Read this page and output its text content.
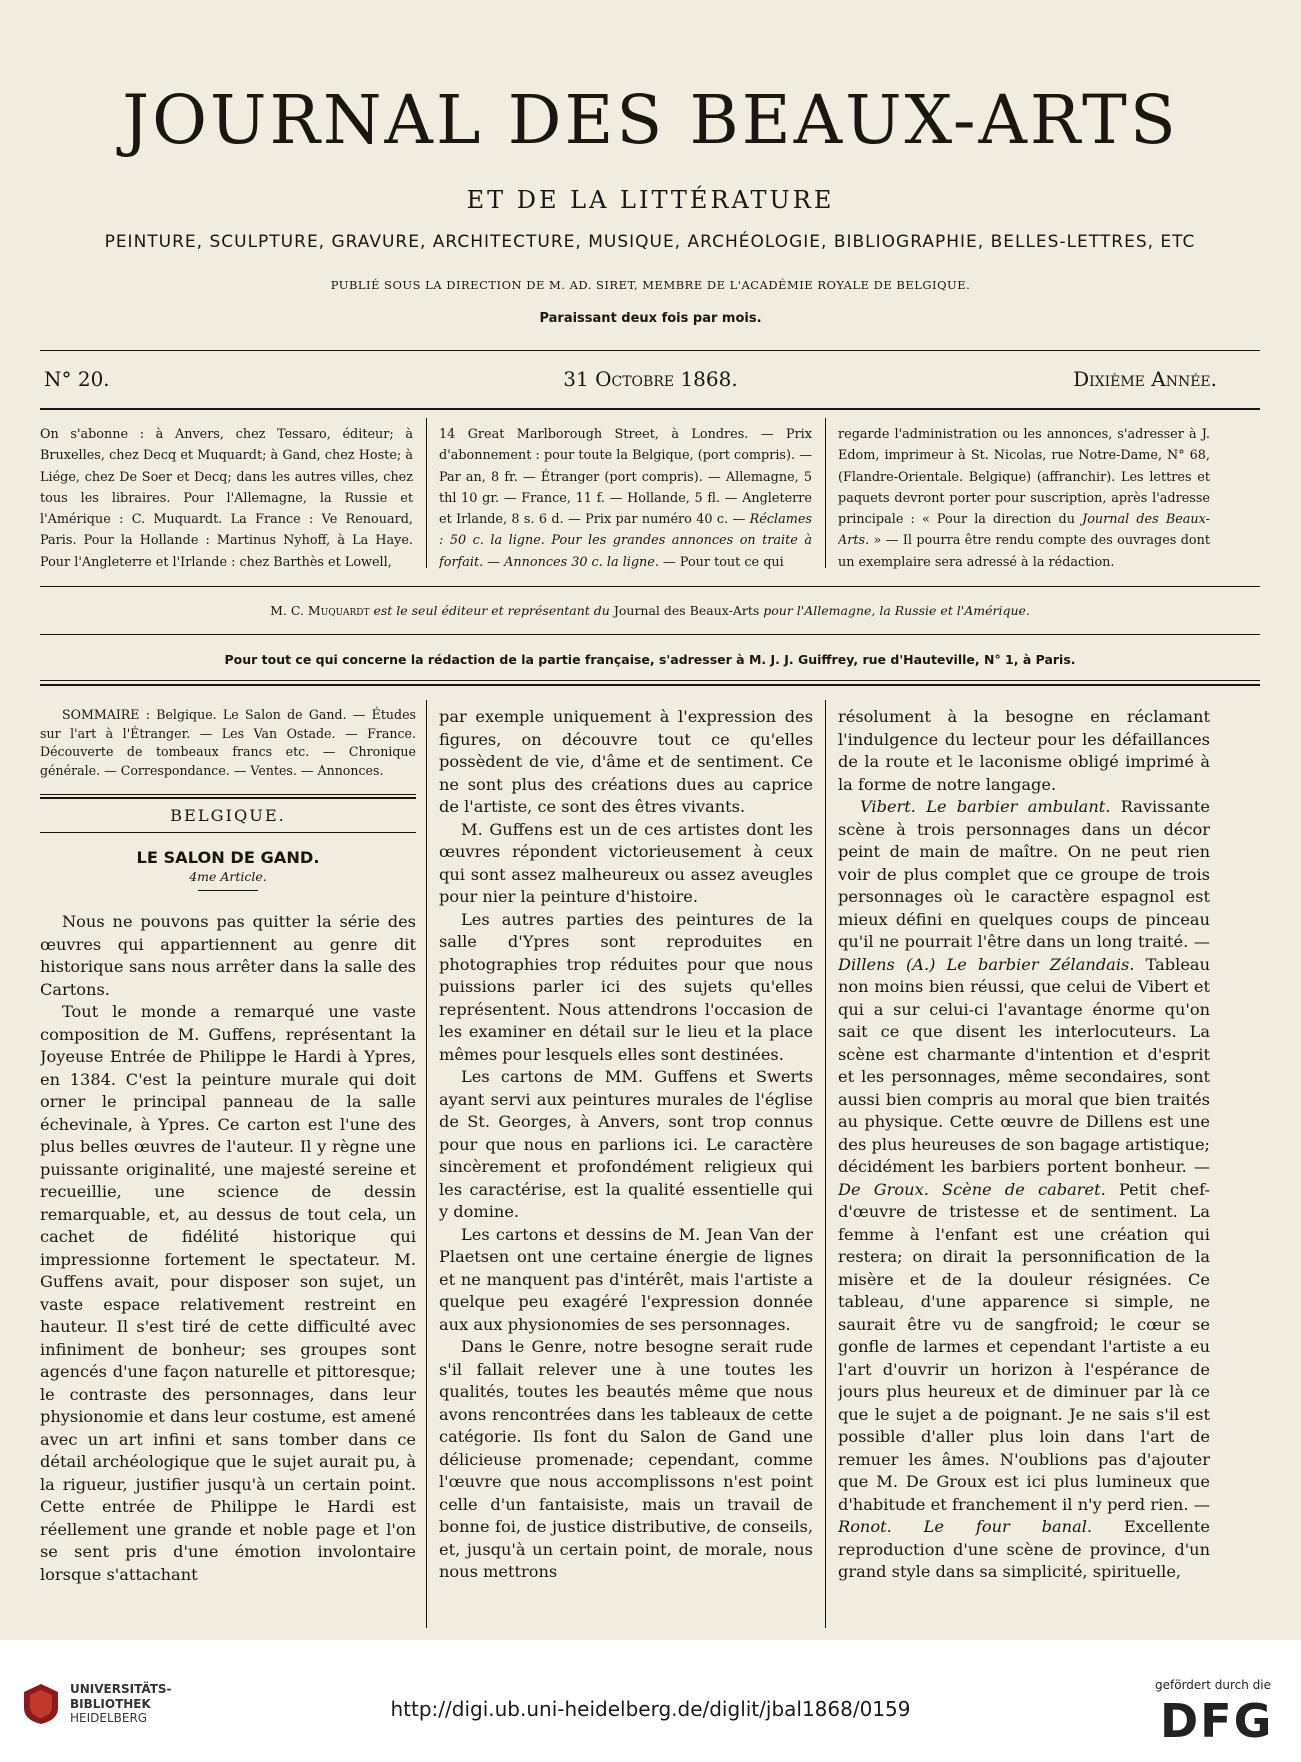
JOURNAL DES BEAUX-ARTS
ET DE LA LITTÉRATURE
PEINTURE, SCULPTURE, GRAVURE, ARCHITECTURE, MUSIQUE, ARCHÉOLOGIE, BIBLIOGRAPHIE, BELLES-LETTRES, ETC
PUBLIÉ SOUS LA DIRECTION DE M. AD. SIRET, MEMBRE DE L'ACADÉMIE ROYALE DE BELGIQUE.
Paraissant deux fois par mois.
N° 20.	31 Octobre 1868.	Dixième Année.
On s'abonne : à Anvers, chez Tessaro, éditeur; à Bruxelles, chez Decq et Muquardt; à Gand, chez Hoste; à Liége, chez De Soer et Decq; dans les autres villes, chez tous les libraires. Pour l'Allemagne, la Russie et l'Amérique : C. Muquardt. La France : Ve Renouard, Paris. Pour la Hollande : Martinus Nyhoff, à La Haye. Pour l'Angleterre et l'Irlande : chez Barthès et Lowell,
14 Great Marlborough Street, à Londres. — Prix d'abonnement : pour toute la Belgique, (port compris). — Par an, 8 fr. — Étranger (port compris). — Allemagne, 5 thl 10 gr. — France, 11 f. — Hollande, 5 fl. — Angleterre et Irlande, 8 s. 6 d. — Prix par numéro 40 c. — Réclames : 50 c. la ligne. Pour les grandes annonces on traite à forfait. — Annonces 30 c. la ligne. — Pour tout ce qui
regarde l'administration ou les annonces, s'adresser à J. Edom, imprimeur à St. Nicolas, rue Notre-Dame, N° 68, (Flandre-Orientale. Belgique) (affranchir). Les lettres et paquets devront porter pour suscription, après l'adresse principale : « Pour la direction du Journal des Beaux-Arts. » — Il pourra être rendu compte des ouvrages dont un exemplaire sera adressé à la rédaction.
M. C. Muquardt est le seul éditeur et représentant du Journal des Beaux-Arts pour l'Allemagne, la Russie et l'Amérique.
Pour tout ce qui concerne la rédaction de la partie française, s'adresser à M. J. J. Guiffrey, rue d'Hauteville, N° 1, à Paris.

SOMMAIRE : Belgique. Le Salon de Gand. — Études sur l'art à l'Étranger. — Les Van Ostade. — France. Découverte de tombeaux francs etc. — Chronique générale. — Correspondance. — Ventes. — Annonces.

BELGIQUE.

LE SALON DE GAND.

4me Article.

Nous ne pouvons pas quitter la série des œuvres qui appartiennent au genre dit historique sans nous arrêter dans la salle des Cartons.

Tout le monde a remarqué une vaste composition de M. Guffens, représentant la Joyeuse Entrée de Philippe le Hardi à Ypres, en 1384. C'est la peinture murale qui doit orner le principal panneau de la salle échevinale, à Ypres. Ce carton est l'une des plus belles œuvres de l'auteur. Il y règne une puissante originalité, une majesté sereine et recueillie, une science de dessin remarquable, et, au dessus de tout cela, un cachet de fidélité historique qui impressionne fortement le spectateur. M. Guffens avait, pour disposer son sujet, un vaste espace relativement restreint en hauteur. Il s'est tiré de cette difficulté avec infiniment de bonheur; ses groupes sont agencés d'une façon naturelle et pittoresque; le contraste des personnages, dans leur physionomie et dans leur costume, est amené avec un art infini et sans tomber dans ce détail archéologique que le sujet aurait pu, à la rigueur, justifier jusqu'à un certain point. Cette entrée de Philippe le Hardi est réellement une grande et noble page et l'on se sent pris d'une émotion involontaire lorsque s'attachant

par exemple uniquement à l'expression des figures, on découvre tout ce qu'elles possèdent de vie, d'âme et de sentiment. Ce ne sont plus des créations dues au caprice de l'artiste, ce sont des êtres vivants.

M. Guffens est un de ces artistes dont les œuvres répondent victorieusement à ceux qui sont assez malheureux ou assez aveugles pour nier la peinture d'histoire.

Les autres parties des peintures de la salle d'Ypres sont reproduites en photographies trop réduites pour que nous puissions parler ici des sujets qu'elles représentent. Nous attendrons l'occasion de les examiner en détail sur le lieu et la place mêmes pour lesquels elles sont destinées.

Les cartons de MM. Guffens et Swerts ayant servi aux peintures murales de l'église de St. Georges, à Anvers, sont trop connus pour que nous en parlions ici. Le caractère sincèrement et profondément religieux qui les caractérise, est la qualité essentielle qui y domine.

Les cartons et dessins de M. Jean Van der Plaetsen ont une certaine énergie de lignes et ne manquent pas d'intérêt, mais l'artiste a quelque peu exagéré l'expression donnée aux aux physionomies de ses personnages.

Dans le Genre, notre besogne serait rude s'il fallait relever une à une toutes les qualités, toutes les beautés même que nous avons rencontrées dans les tableaux de cette catégorie. Ils font du Salon de Gand une délicieuse promenade; cependant, comme l'œuvre que nous accomplissons n'est point celle d'un fantaisiste, mais un travail de bonne foi, de justice distributive, de conseils, et, jusqu'à un certain point, de morale, nous nous mettrons

résolument à la besogne en réclamant l'indulgence du lecteur pour les défaillances de la route et le laconisme obligé imprimé à la forme de notre langage.

Vibert. Le barbier ambulant. Ravissante scène à trois personnages dans un décor peint de main de maître. On ne peut rien voir de plus complet que ce groupe de trois personnages où le caractère espagnol est mieux défini en quelques coups de pinceau qu'il ne pourrait l'être dans un long traité. — Dillens (A.) Le barbier Zélandais. Tableau non moins bien réussi, que celui de Vibert et qui a sur celui-ci l'avantage énorme qu'on sait ce que disent les interlocuteurs. La scène est charmante d'intention et d'esprit et les personnages, même secondaires, sont aussi bien compris au moral que bien traités au physique. Cette œuvre de Dillens est une des plus heureuses de son bagage artistique; décidément les barbiers portent bonheur. — De Groux. Scène de cabaret. Petit chef-d'œuvre de tristesse et de sentiment. La femme à l'enfant est une création qui restera; on dirait la personnification de la misère et de la douleur résignées. Ce tableau, d'une apparence si simple, ne saurait être vu de sangfroid; le cœur se gonfle de larmes et cependant l'artiste a eu l'art d'ouvrir un horizon à l'espérance de jours plus heureux et de diminuer par là ce que le sujet a de poignant. Je ne sais s'il est possible d'aller plus loin dans l'art de remuer les âmes. N'oublions pas d'ajouter que M. De Groux est ici plus lumineux que d'habitude et franchement il n'y perd rien. — Ronot. Le four banal. Excellente reproduction d'une scène de province, d'un grand style dans sa simplicité, spirituelle,

UNIVERSITÄTS-
BIBLIOTHEK
HEIDELBERG	http://digi.ub.uni-heidelberg.de/diglit/jbal1868/0159
gefördert durch die
DFG
